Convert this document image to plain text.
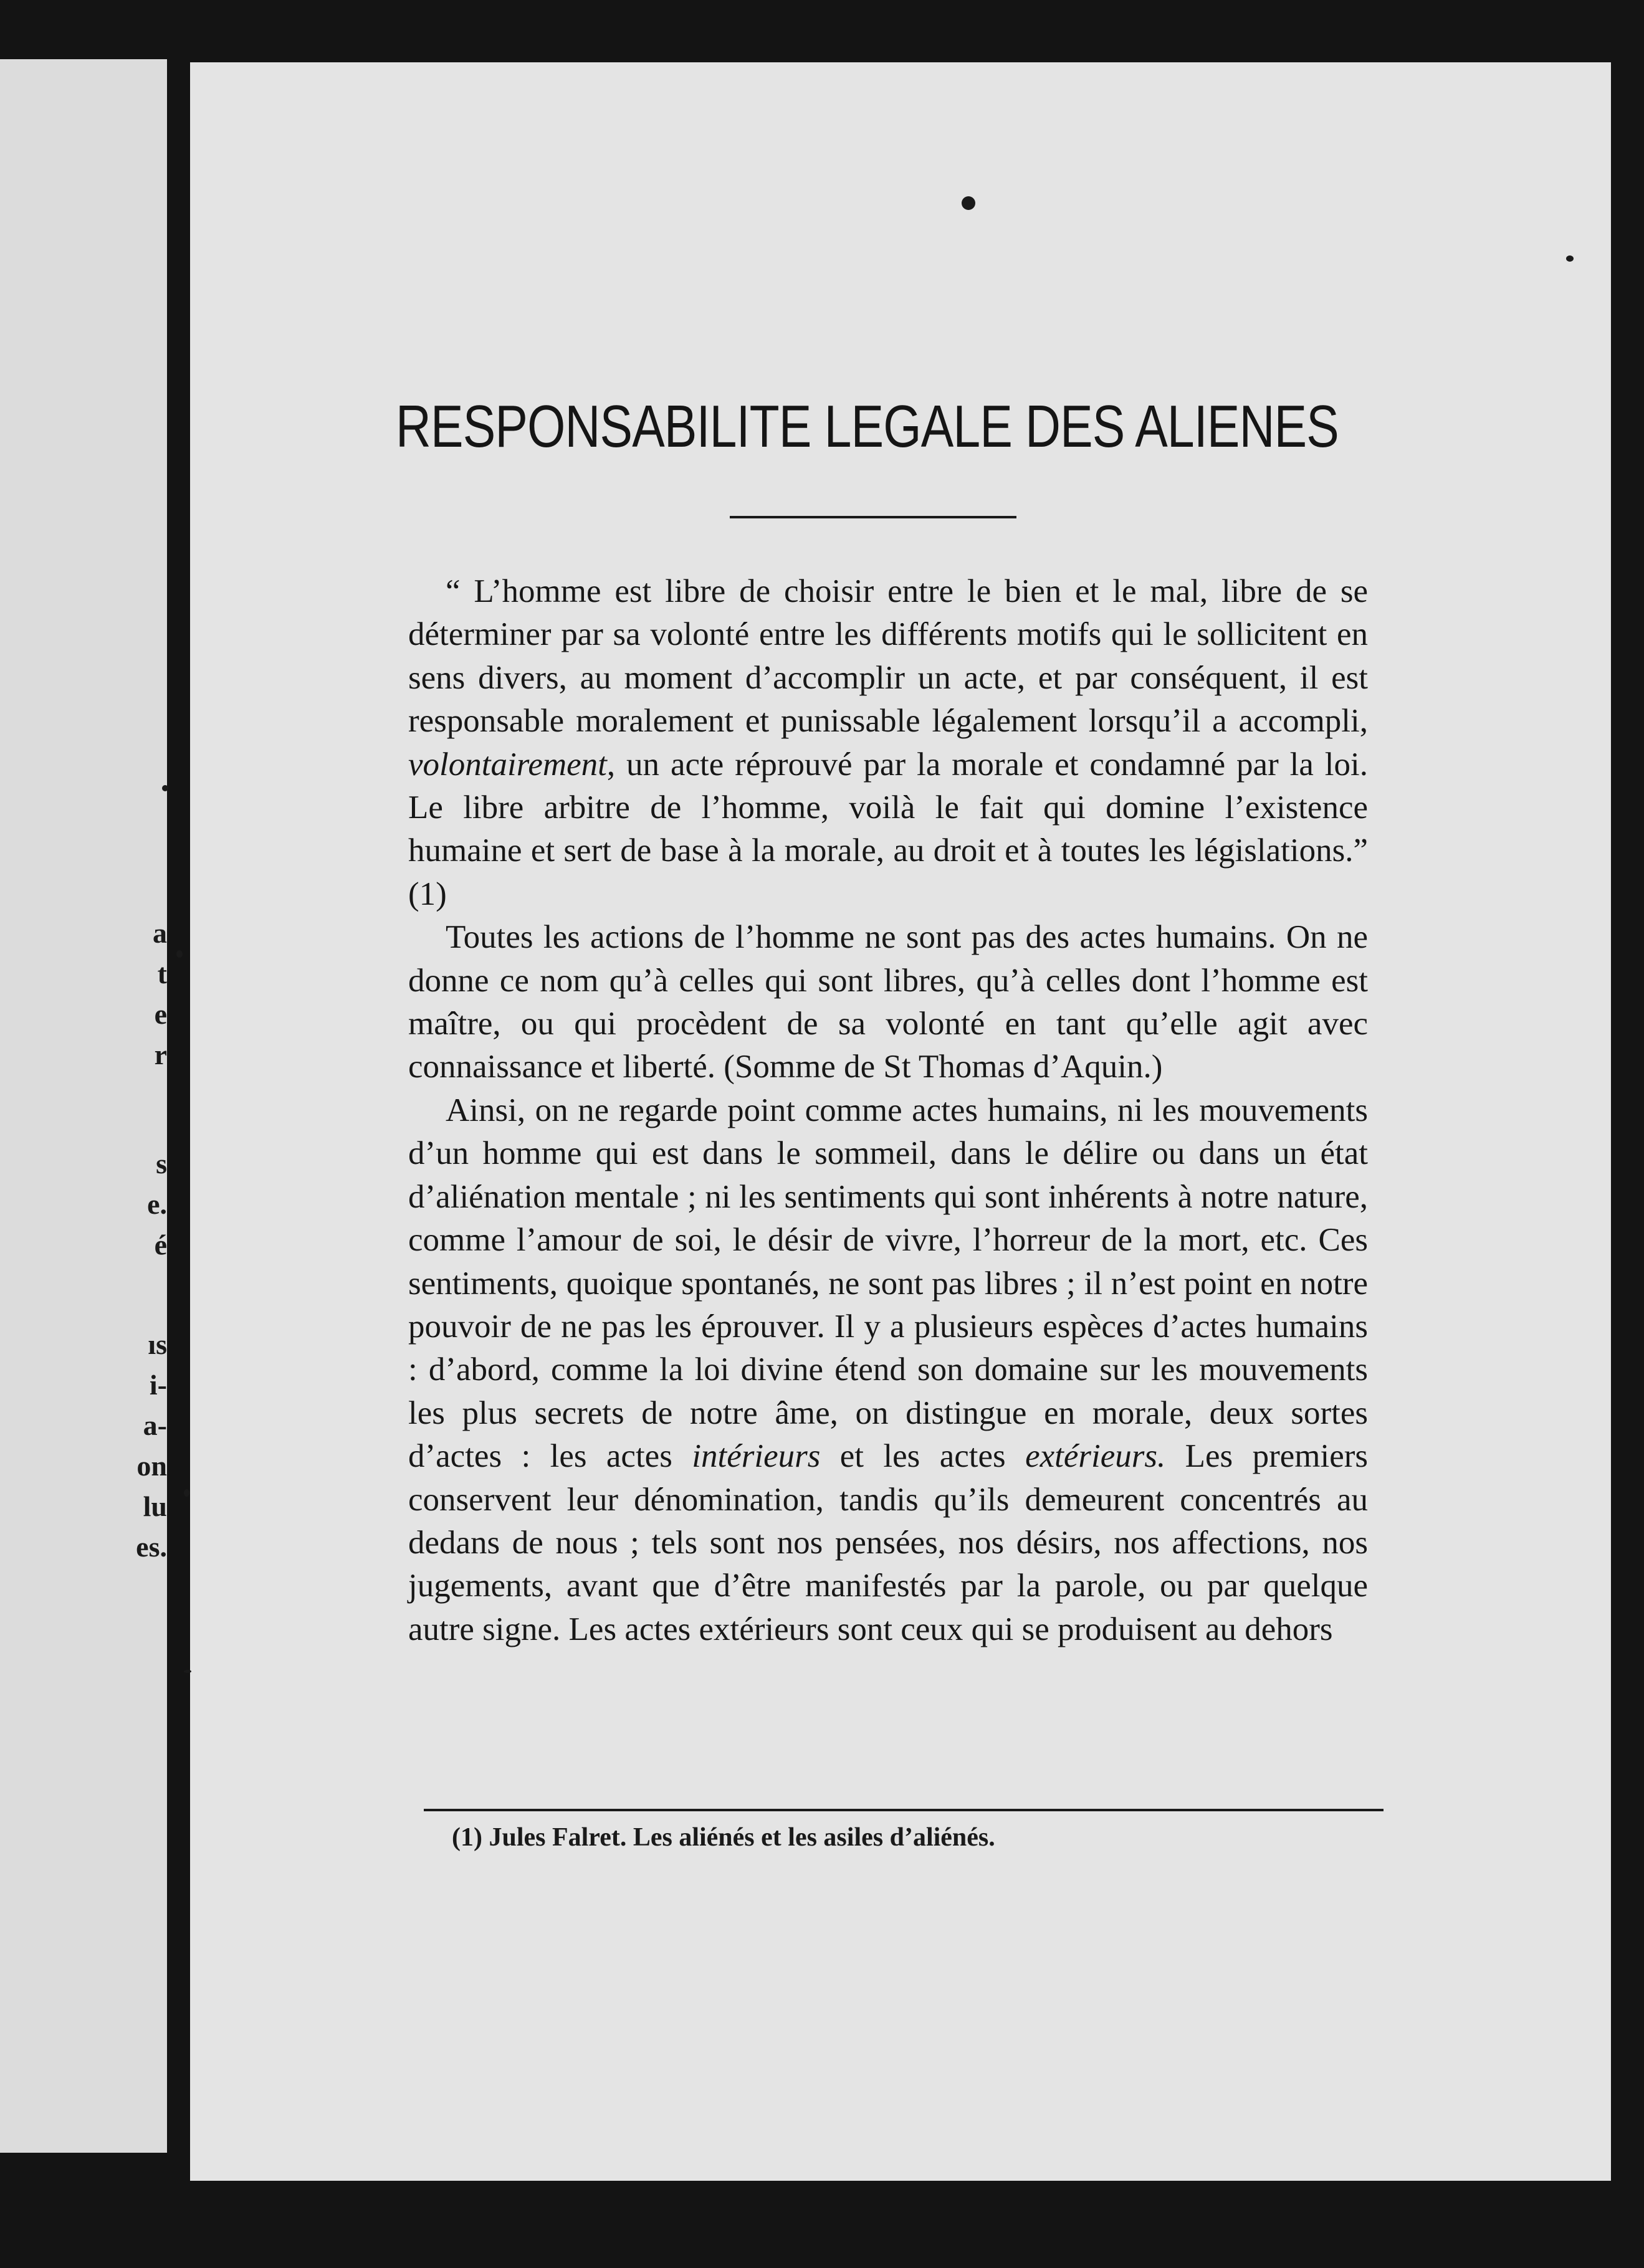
a
t
e
r
s
e.
é
ıs
i-
a-
on
lu
es.
RESPONSABILITE LEGALE DES ALIENES

“ L’homme est libre de choisir entre le bien et le mal, libre de se déterminer par sa volonté entre les différents motifs qui le sollicitent en sens divers, au moment d’accomplir un acte, et par conséquent, il est responsable moralement et punissable légalement lorsqu’il a accompli, volontairement, un acte réprouvé par la morale et condamné par la loi. Le libre arbitre de l’homme, voilà le fait qui domine l’existence humaine et sert de base à la morale, au droit et à toutes les législations.” (1)

Toutes les actions de l’homme ne sont pas des actes humains. On ne donne ce nom qu’à celles qui sont libres, qu’à celles dont l’homme est maître, ou qui procèdent de sa volonté en tant qu’elle agit avec connaissance et liberté. (Somme de St Thomas d’Aquin.)

Ainsi, on ne regarde point comme actes humains, ni les mouvements d’un homme qui est dans le sommeil, dans le délire ou dans un état d’aliénation mentale ; ni les sentiments qui sont inhérents à notre nature, comme l’amour de soi, le désir de vivre, l’horreur de la mort, etc. Ces sentiments, quoique spontanés, ne sont pas libres ; il n’est point en notre pouvoir de ne pas les éprouver. Il y a plusieurs espèces d’actes humains : d’abord, comme la loi divine étend son domaine sur les mouvements les plus secrets de notre âme, on distingue en morale, deux sortes d’actes : les actes intérieurs et les actes extérieurs. Les premiers conservent leur dénomination, tandis qu’ils demeurent concentrés au dedans de nous ; tels sont nos pensées, nos désirs, nos affections, nos jugements, avant que d’être manifestés par la parole, ou par quelque autre signe. Les actes extérieurs sont ceux qui se produisent au dehors

(1) Jules Falret. Les aliénés et les asiles d’aliénés.
